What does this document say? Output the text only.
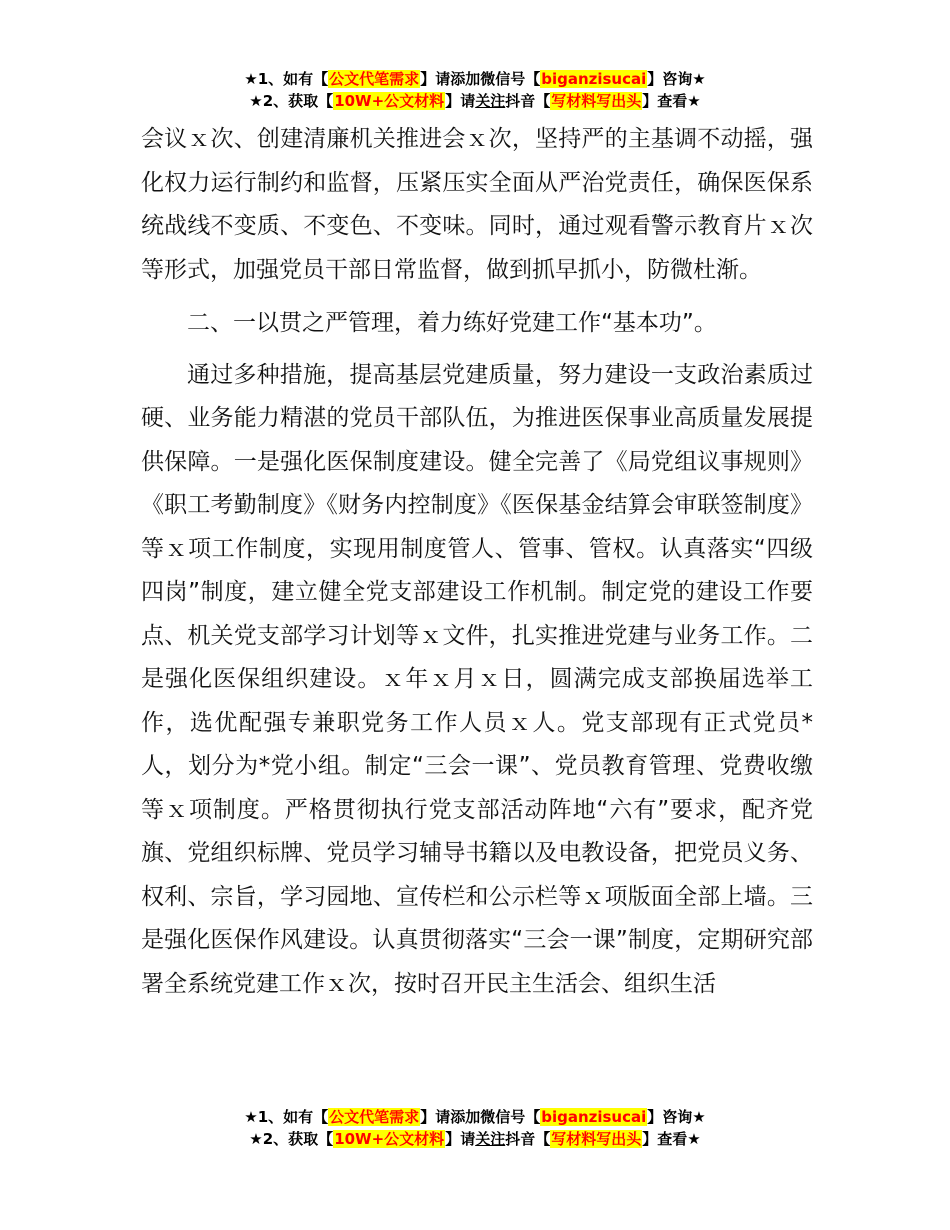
★1、如有【公文代笔需求】请添加微信号【biganzisucai】咨询★
★2、获取【10W+公文材料】请关注抖音【写材料写出头】查看★

会议ｘ次、创建清廉机关推进会ｘ次，坚持严的主基调不动摇，强化权力运行制约和监督，压紧压实全面从严治党责任，确保医保系统战线不变质、不变色、不变味。同时，通过观看警示教育片ｘ次等形式，加强党员干部日常监督，做到抓早抓小，防微杜渐。

二、一以贯之严管理，着力练好党建工作“基本功”。

通过多种措施，提高基层党建质量，努力建设一支政治素质过硬、业务能力精湛的党员干部队伍，为推进医保事业高质量发展提供保障。一是强化医保制度建设。健全完善了《局党组议事规则》《职工考勤制度》《财务内控制度》《医保基金结算会审联签制度》等ｘ项工作制度，实现用制度管人、管事、管权。认真落实“四级四岗”制度，建立健全党支部建设工作机制。制定党的建设工作要点、机关党支部学习计划等ｘ文件，扎实推进党建与业务工作。二是强化医保组织建设。ｘ年ｘ月ｘ日，圆满完成支部换届选举工作，选优配强专兼职党务工作人员ｘ人。党支部现有正式党员*人，划分为*党小组。制定“三会一课”、党员教育管理、党费收缴等ｘ项制度。严格贯彻执行党支部活动阵地“六有”要求，配齐党旗、党组织标牌、党员学习辅导书籍以及电教设备，把党员义务、权利、宗旨，学习园地、宣传栏和公示栏等ｘ项版面全部上墙。三是强化医保作风建设。认真贯彻落实“三会一课”制度，定期研究部署全系统党建工作ｘ次，按时召开民主生活会、组织生活

★1、如有【公文代笔需求】请添加微信号【biganzisucai】咨询★
★2、获取【10W+公文材料】请关注抖音【写材料写出头】查看★
